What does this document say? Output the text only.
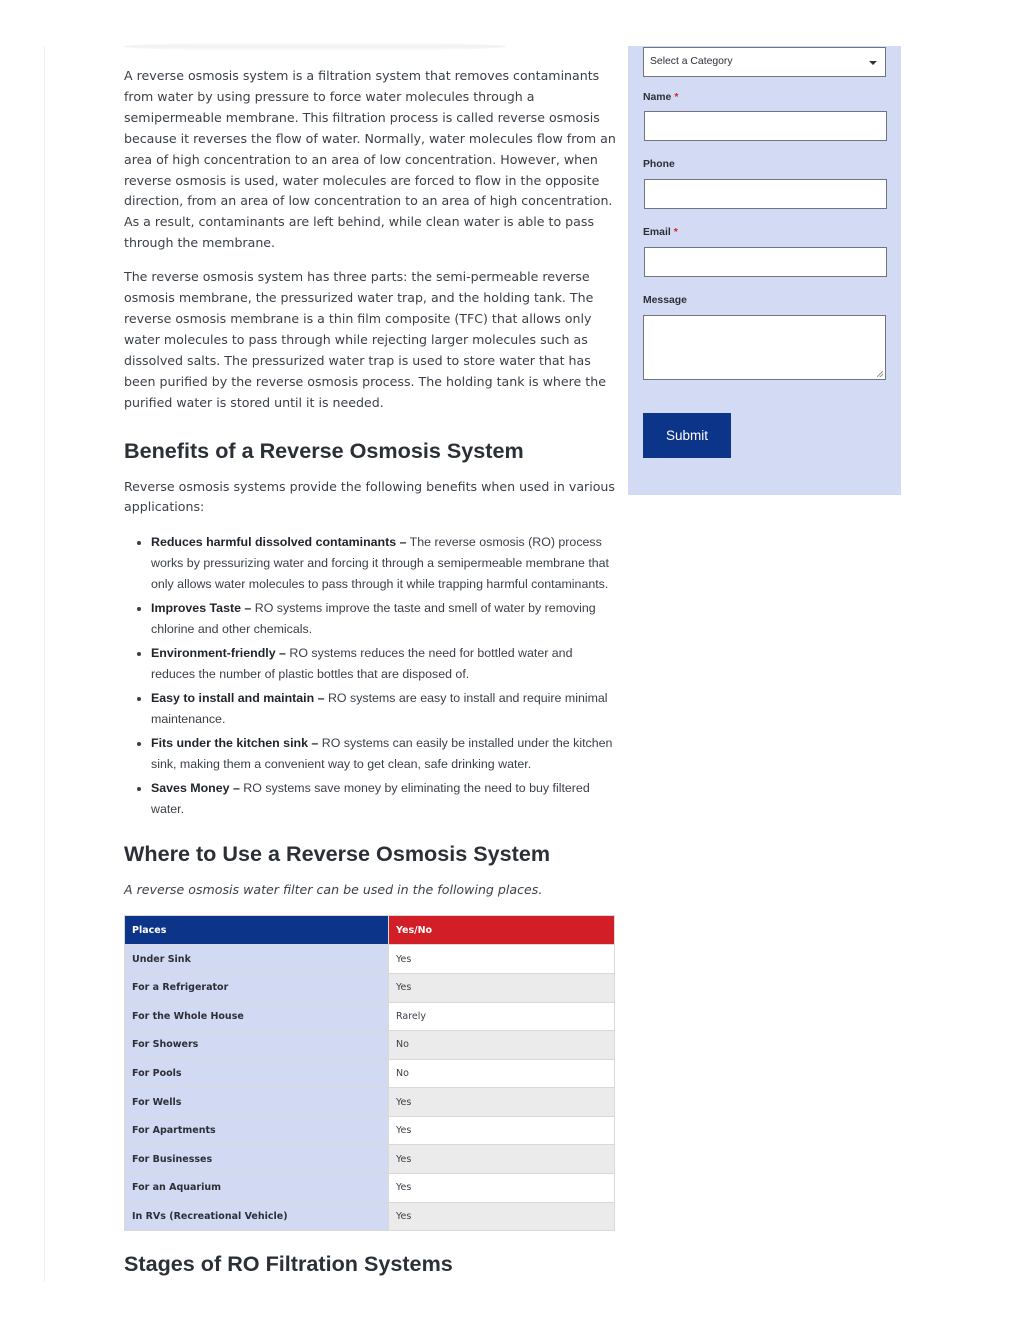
A reverse osmosis system is a filtration system that removes contaminants from water by using pressure to force water molecules through a semipermeable membrane. This filtration process is called reverse osmosis because it reverses the flow of water. Normally, water molecules flow from an area of high concentration to an area of low concentration. However, when reverse osmosis is used, water molecules are forced to flow in the opposite direction, from an area of low concentration to an area of high concentration. As a result, contaminants are left behind, while clean water is able to pass through the membrane.

The reverse osmosis system has three parts: the semi-permeable reverse osmosis membrane, the pressurized water trap, and the holding tank. The reverse osmosis membrane is a thin film composite (TFC) that allows only water molecules to pass through while rejecting larger molecules such as dissolved salts. The pressurized water trap is used to store water that has been purified by the reverse osmosis process. The holding tank is where the purified water is stored until it is needed.

Benefits of a Reverse Osmosis System

Reverse osmosis systems provide the following benefits when used in various applications:

• Reduces harmful dissolved contaminants – The reverse osmosis (RO) process works by pressurizing water and forcing it through a semipermeable membrane that only allows water molecules to pass through it while trapping harmful contaminants.
• Improves Taste – RO systems improve the taste and smell of water by removing chlorine and other chemicals.
• Environment-friendly – RO systems reduces the need for bottled water and reduces the number of plastic bottles that are disposed of.
• Easy to install and maintain – RO systems are easy to install and require minimal maintenance.
• Fits under the kitchen sink – RO systems can easily be installed under the kitchen sink, making them a convenient way to get clean, safe drinking water.
• Saves Money – RO systems save money by eliminating the need to buy filtered water.
Where to Use a Reverse Osmosis System

A reverse osmosis water filter can be used in the following places.

Places	Yes/No
Under Sink	Yes
For a Refrigerator	Yes
For the Whole House	Rarely
For Showers	No
For Pools	No
For Wells	Yes
For Apartments	Yes
For Businesses	Yes
For an Aquarium	Yes
In RVs (Recreational Vehicle)	Yes
Stages of RO Filtration Systems
Select a Category
Name *
Phone
Email *
Message
Submit
